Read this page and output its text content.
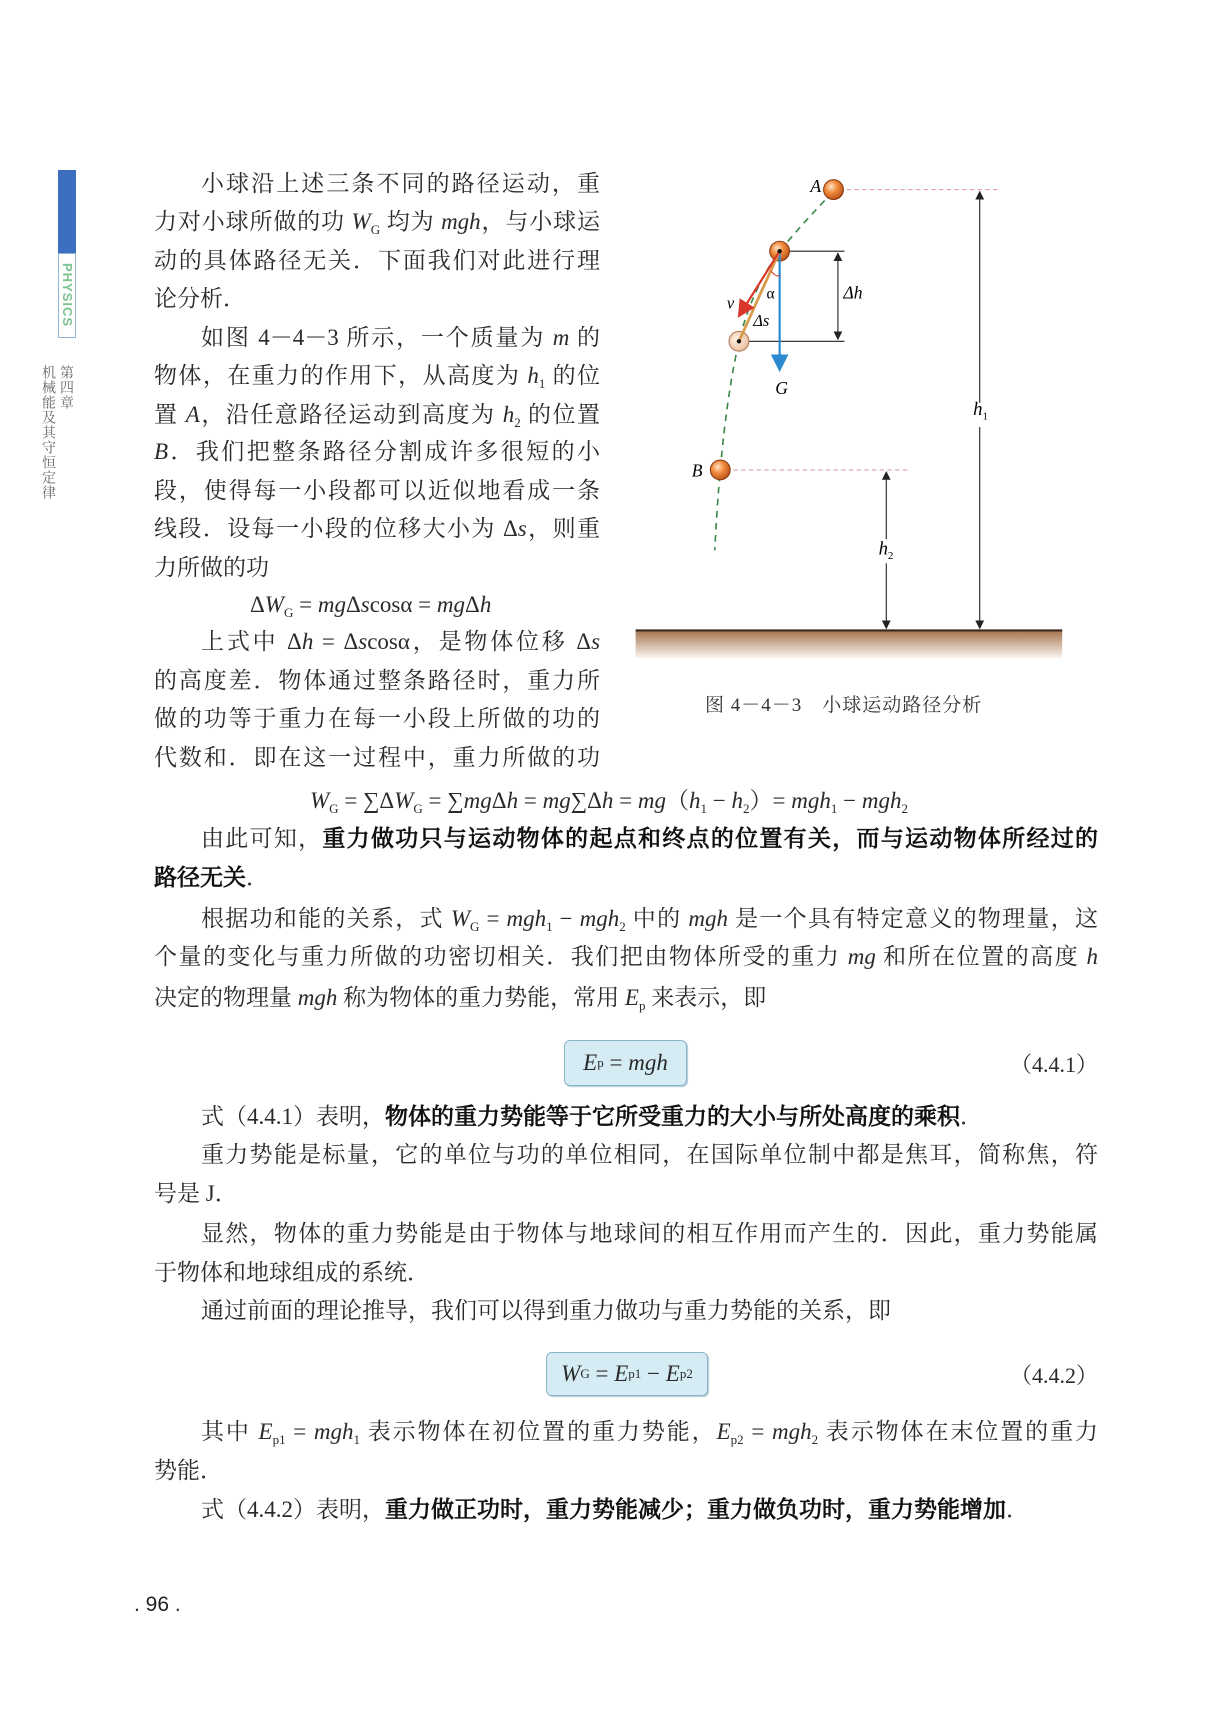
PHYSICS
第四章
机械能及其守恒定律
小球沿上述三条不同的路径运动，重
力对小球所做的功 $W_G$ 均为 mgh，与小球运
动的具体路径无关．下面我们对此进行理
论分析．
如图 4－4－3 所示，一个质量为 m 的
物体，在重力的作用下，从高度为 $h_1$ 的位
置 A，沿任意路径运动到高度为 $h_2$ 的位置
B．我们把整条路径分割成许多很短的小
段，使得每一小段都可以近似地看成一条
线段．设每一小段的位移大小为 Δs，则重
力所做的功
$\Delta W_G = mg\Delta scos\alpha = mg\Delta h$
上式中 Δh = Δscosα，是物体位移 Δs
的高度差．物体通过整条路径时，重力所
做的功等于重力在每一小段上所做的功的
代数和．即在这一过程中，重力所做的功
$W_G = \sum\Delta W_G = \sum mg\Delta h = mg\sum\Delta h = mg(h_1 - h_2)= mgh_1 - mgh_2$
由此可知，重力做功只与运动物体的起点和终点的位置有关，而与运动物体所经过的
路径无关．
根据功和能的关系，式 $W_G = mgh_1 - mgh_2$ 中的 mgh 是一个具有特定意义的物理量，这
个量的变化与重力所做的功密切相关．我们把由物体所受的重力 mg 和所在位置的高度 h
决定的物理量 mgh 称为物体的重力势能，常用 $E_p$ 来表示，即
式（4.4.1）表明，物体的重力势能等于它所受重力的大小与所处高度的乘积．
重力势能是标量，它的单位与功的单位相同，在国际单位制中都是焦耳，简称焦，符
号是 J．
显然，物体的重力势能是由于物体与地球间的相互作用而产生的．因此，重力势能属
于物体和地球组成的系统．
通过前面的理论推导，我们可以得到重力做功与重力势能的关系，即
其中 $E_{p1} = mgh_1$ 表示物体在初位置的重力势能，$E_{p2} = mgh_2$ 表示物体在末位置的重力
势能．
式（4.4.2）表明，重力做正功时，重力势能减少；重力做负功时，重力势能增加．
$h_1$
$h_2$
Δh
A
B
G
α
v
Δs
图 4－4－3　小球运动路径分析
E p = mgh	（4.4.1）
W G = E p1 − E p2	（4.4.2）
. 96 .
